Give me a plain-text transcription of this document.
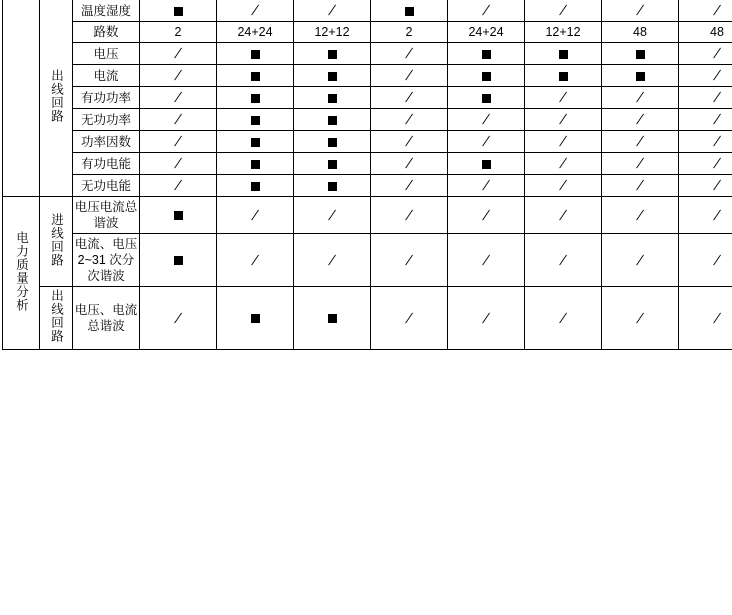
	出线回路	温度湿度		/	/		/	/	/	/
		路数	2	24+24	12+12	2	24+24	12+12	48	48
		电压	/			/				/
		电流	/			/				/
		有功功率	/			/		/	/	/
		无功功率	/			/	/	/	/	/
		功率因数	/			/	/	/	/	/
		有功电能	/			/		/	/	/
		无功电能	/			/	/	/	/	/
电力质量分析	进线回路	电压电流总谐波		/	/	/	/	/	/	/
		电流、电压2~31 次分次谐波		/	/	/	/	/	/	/
	出线回路	电压、电流总谐波	/			/	/	/	/	/
